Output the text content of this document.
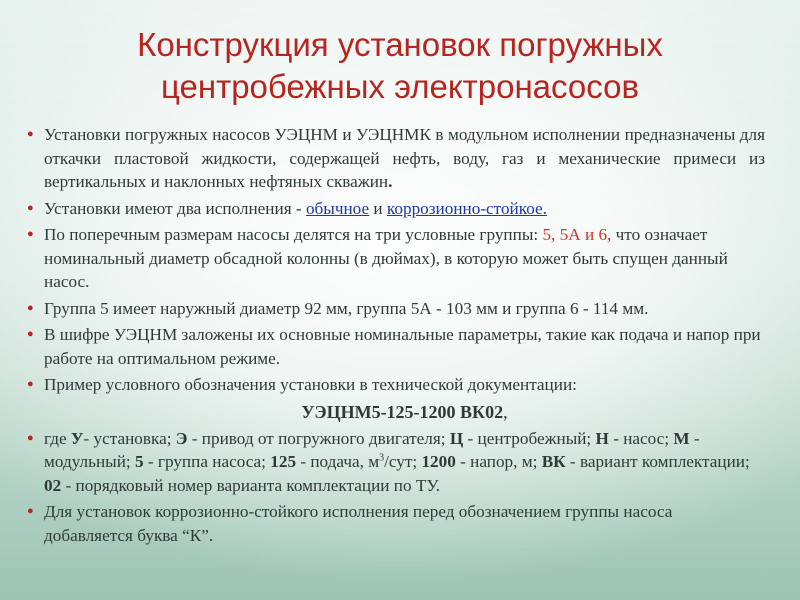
Конструкция установок погружных
центробежных электронасосов
● Установки погружных насосов УЭЦНМ и УЭЦНМК в модульном исполнении предназначены для откачки пластовой жидкости, содержащей нефть, воду, газ и механические примеси из вертикальных и наклонных нефтяных скважин.
● Установки имеют два исполнения - обычное и коррозионно-стойкое.
● По поперечным размерам насосы делятся на три условные группы: 5, 5А и 6, что означает номинальный диаметр обсадной колонны (в дюймах), в которую может быть спущен данный насос.
● Группа 5 имеет наружный диаметр 92 мм, группа 5А - 103 мм и группа 6 - 114 мм.
● В шифре УЭЦНМ заложены их основные номинальные параметры, такие как подача и напор при работе на оптимальном режиме.
● Пример условного обозначения установки в технической документации:
УЭЦНМ5-125-1200 ВК02,
● где У- установка; Э - привод от погружного двигателя; Ц - центробежный; Н - насос; М - модульный; 5 - группа насоса; 125 - подача, $м^3$/сут; 1200 - напор, м; ВК - вариант комплектации; 02 - порядковый номер варианта комплектации по ТУ.
● Для установок коррозионно-стойкого исполнения перед обозначением группы насоса добавляется буква “К”.
